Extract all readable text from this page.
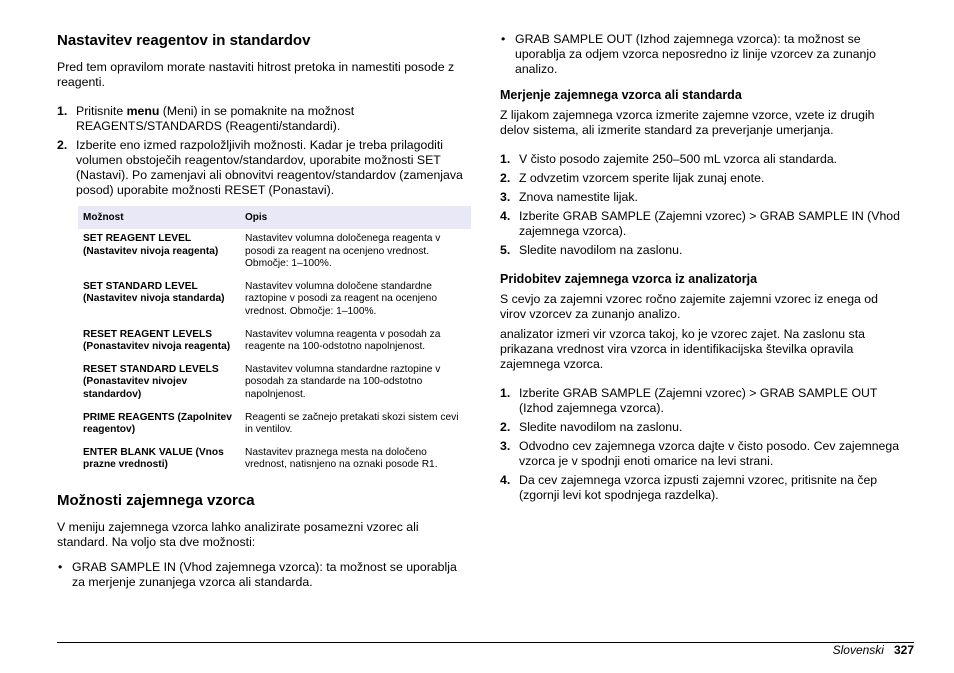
Nastavitev reagentov in standardov

Pred tem opravilom morate nastaviti hitrost pretoka in namestiti posode z reagenti.

1. Pritisnite menu (Meni) in se pomaknite na možnost REAGENTS/STANDARDS (Reagenti/standardi).
2. Izberite eno izmed razpoložljivih možnosti. Kadar je treba prilagoditi volumen obstoječih reagentov/standardov, uporabite možnosti SET (Nastavi). Po zamenjavi ali obnovitvi reagentov/standardov (zamenjava posod) uporabite možnosti RESET (Ponastavi).
Možnost	Opis
SET REAGENT LEVEL (Nastavitev nivoja reagenta)	Nastavitev volumna določenega reagenta v posodi za reagent na ocenjeno vrednost. Območje: 1–100%.
SET STANDARD LEVEL (Nastavitev nivoja standarda)	Nastavitev volumna določene standardne raztopine v posodi za reagent na ocenjeno vrednost. Območje: 1–100%.
RESET REAGENT LEVELS (Ponastavitev nivoja reagenta)	Nastavitev volumna reagenta v posodah za reagente na 100-odstotno napolnjenost.
RESET STANDARD LEVELS (Ponastavitev nivojev standardov)	Nastavitev volumna standardne raztopine v posodah za standarde na 100-odstotno napolnjenost.
PRIME REAGENTS (Zapolnitev reagentov)	Reagenti se začnejo pretakati skozi sistem cevi in ventilov.
ENTER BLANK VALUE (Vnos prazne vrednosti)	Nastavitev praznega mesta na določeno vrednost, natisnjeno na oznaki posode R1.
Možnosti zajemnega vzorca

V meniju zajemnega vzorca lahko analizirate posamezni vzorec ali standard. Na voljo sta dve možnosti:

• GRAB SAMPLE IN (Vhod zajemnega vzorca): ta možnost se uporablja za merjenje zunanjega vzorca ali standarda.
• GRAB SAMPLE OUT (Izhod zajemnega vzorca): ta možnost se uporablja za odjem vzorca neposredno iz linije vzorcev za zunanjo analizo.
Merjenje zajemnega vzorca ali standarda

Z lijakom zajemnega vzorca izmerite zajemne vzorce, vzete iz drugih delov sistema, ali izmerite standard za preverjanje umerjanja.

1. V čisto posodo zajemite 250–500 mL vzorca ali standarda.
2. Z odvzetim vzorcem sperite lijak zunaj enote.
3. Znova namestite lijak.
4. Izberite GRAB SAMPLE (Zajemni vzorec) > GRAB SAMPLE IN (Vhod zajemnega vzorca).
5. Sledite navodilom na zaslonu.
Pridobitev zajemnega vzorca iz analizatorja

S cevjo za zajemni vzorec ročno zajemite zajemni vzorec iz enega od virov vzorcev za zunanjo analizo.

analizator izmeri vir vzorca takoj, ko je vzorec zajet. Na zaslonu sta prikazana vrednost vira vzorca in identifikacijska številka opravila zajemnega vzorca.

1. Izberite GRAB SAMPLE (Zajemni vzorec) > GRAB SAMPLE OUT (Izhod zajemnega vzorca).
2. Sledite navodilom na zaslonu.
3. Odvodno cev zajemnega vzorca dajte v čisto posodo. Cev zajemnega vzorca je v spodnji enoti omarice na levi strani.
4. Da cev zajemnega vzorca izpusti zajemni vzorec, pritisnite na čep (zgornji levi kot spodnjega razdelka).
Slovenski 327
